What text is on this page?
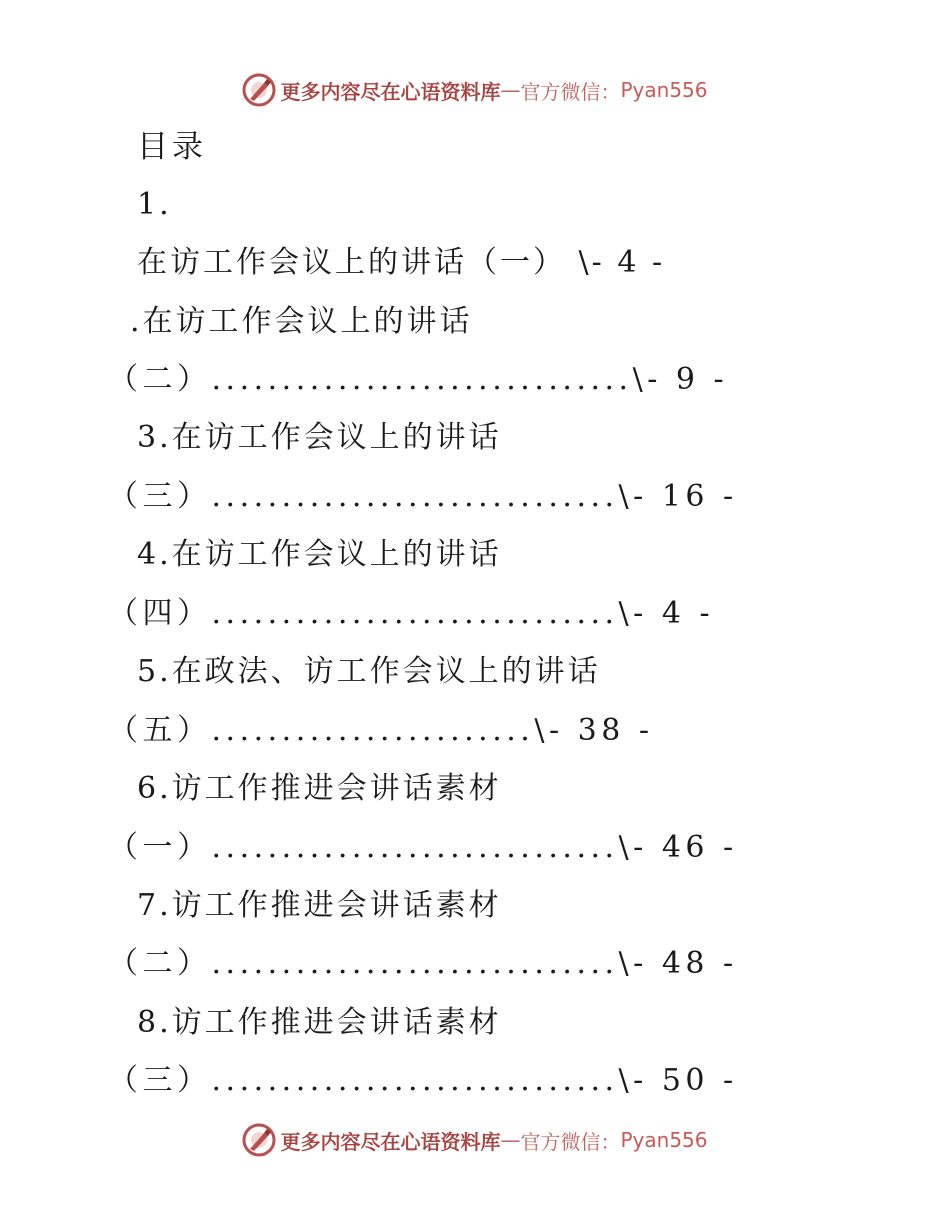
更多内容尽在心语资料库 — 官方微信： Pyan556
目录
1.
在访工作会议上的讲话（一） \- 4 -
.在访工作会议上的讲话
（二）..............................\- 9 -
3.在访工作会议上的讲话
（三）.............................\- 16 -
4.在访工作会议上的讲话
（四）.............................\- 4 -
5.在政法、访工作会议上的讲话
（五）.......................\- 38 -
6.访工作推进会讲话素材
（一）.............................\- 46 -
7.访工作推进会讲话素材
（二）.............................\- 48 -
8.访工作推进会讲话素材
（三）.............................\- 50 -
更多内容尽在心语资料库 — 官方微信： Pyan556
